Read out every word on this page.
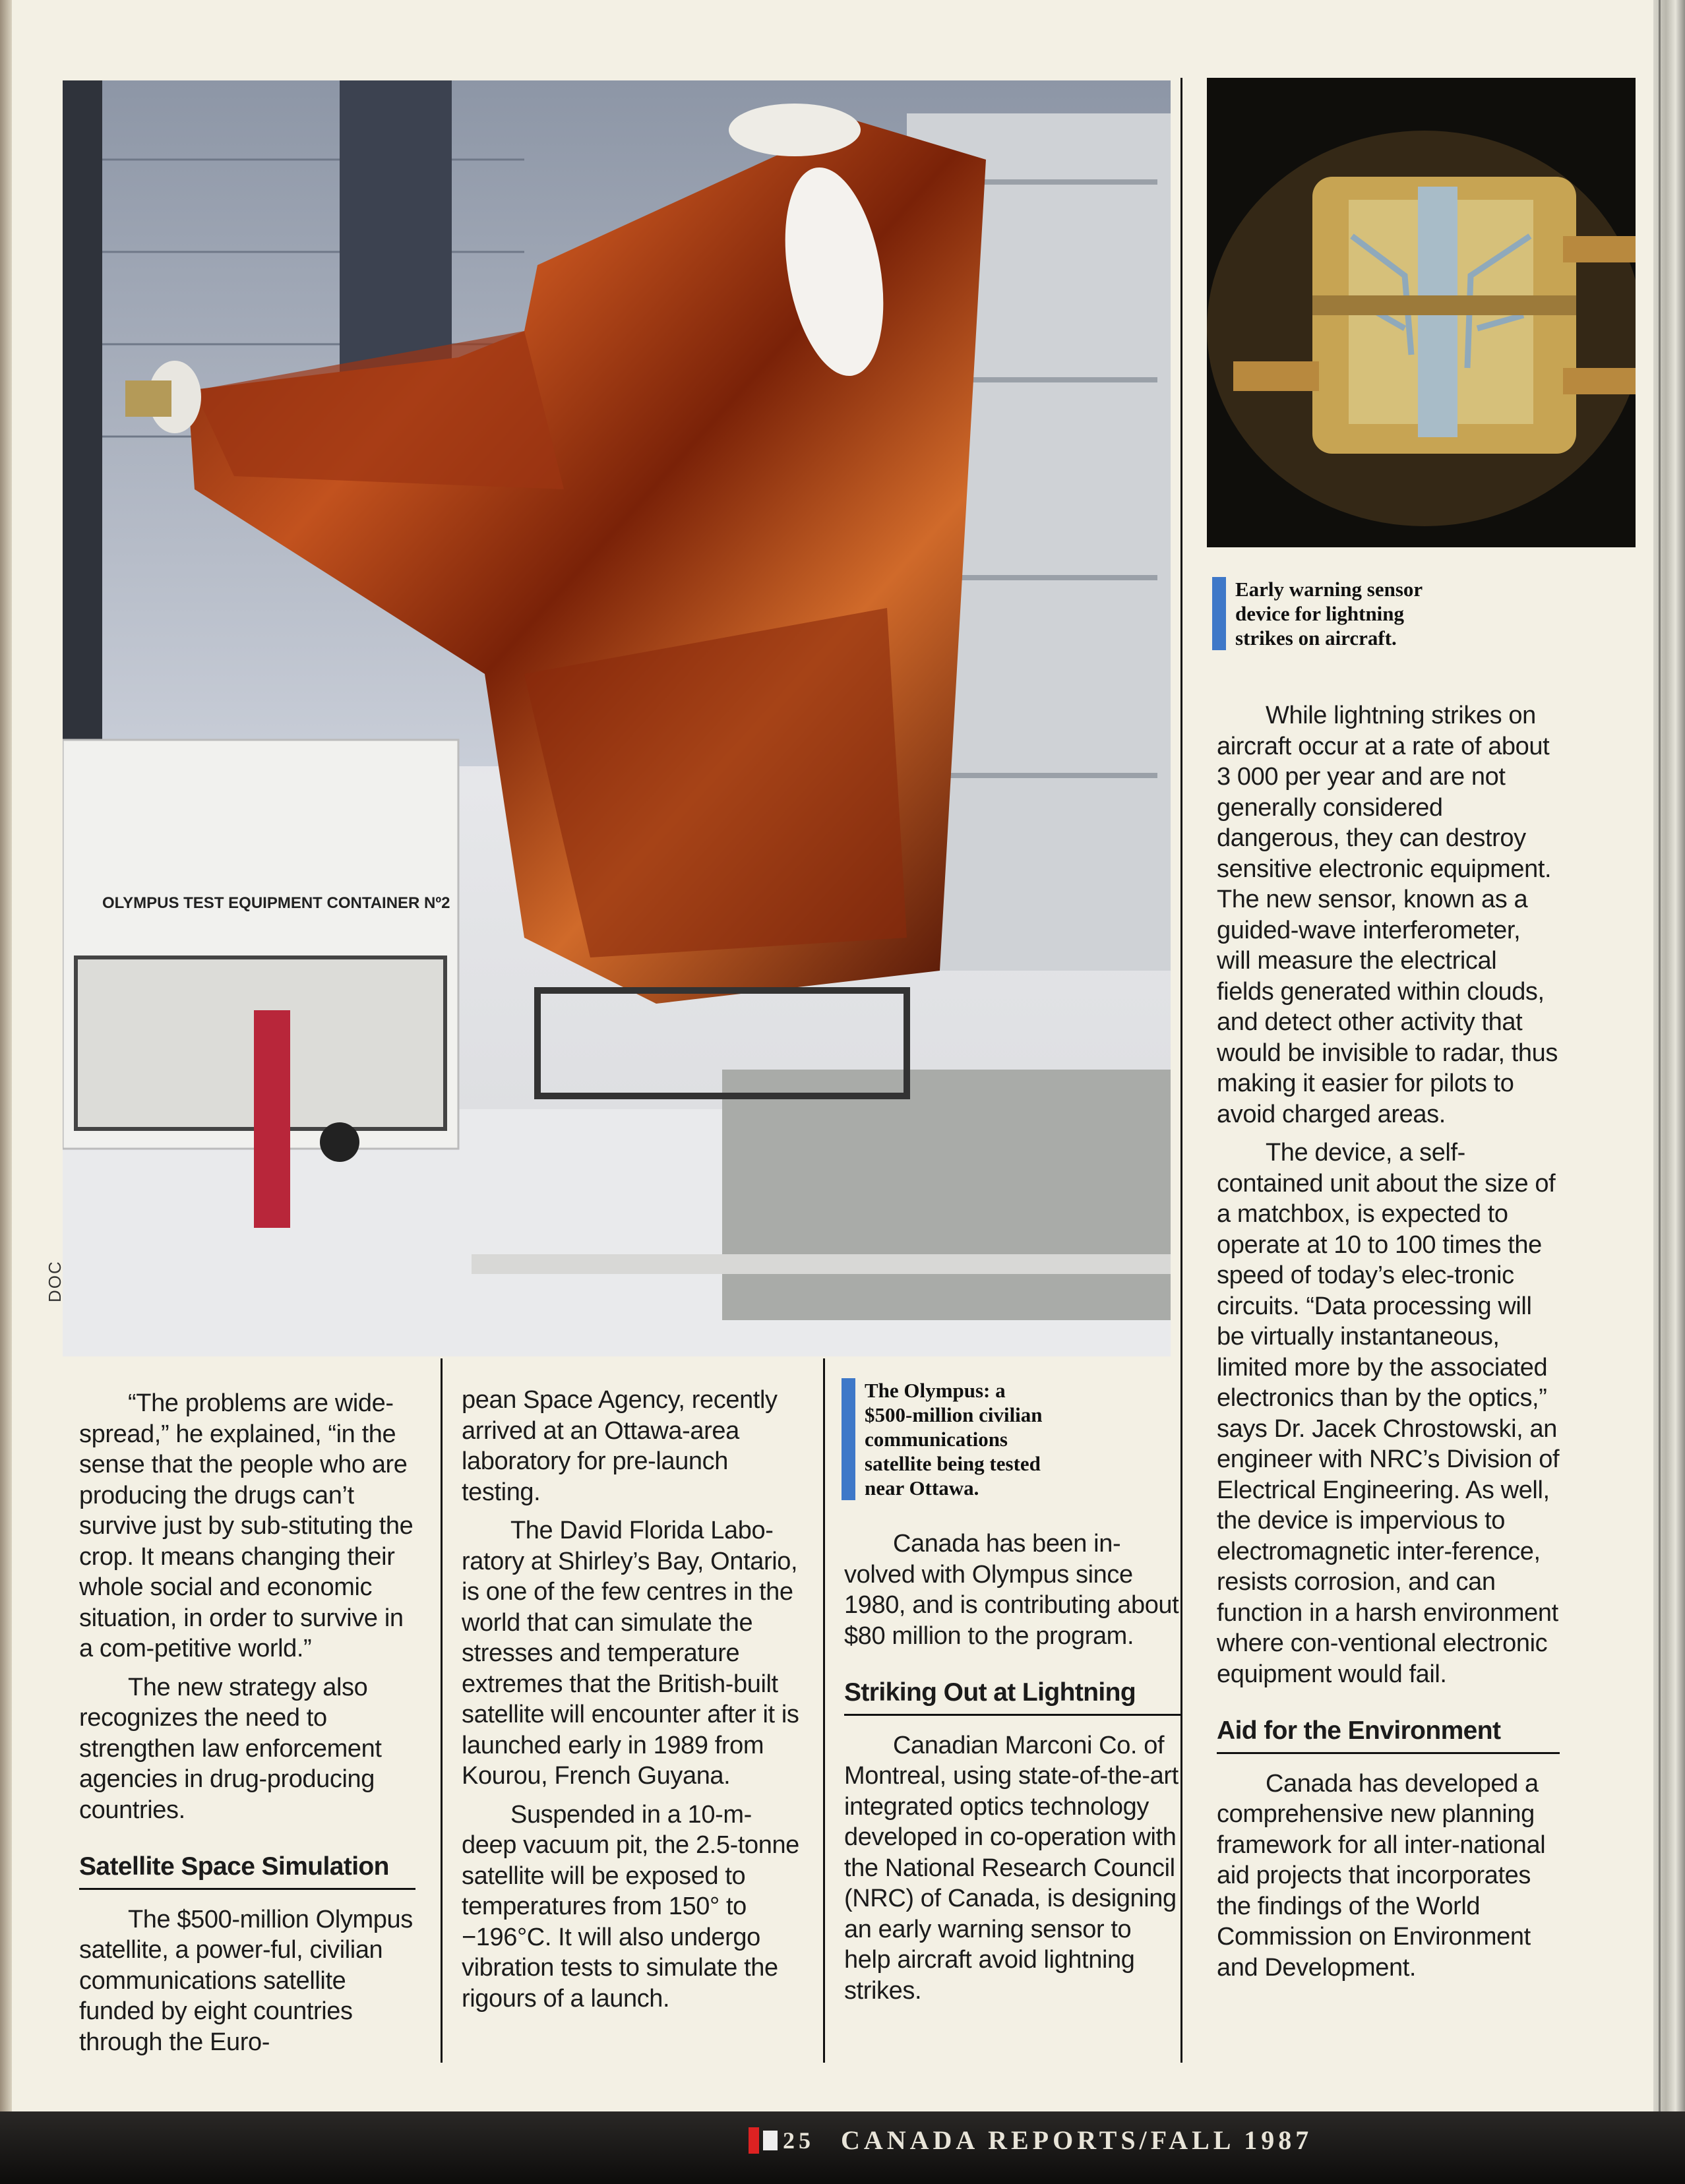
OLYMPUS TEST EQUIPMENT CONTAINER Nº2
DOC
Early warning sensor
device for lightning
strikes on aircraft.
The Olympus: a
$500-million civilian
communications
satellite being tested
near Ottawa.

“The problems are wide-spread,” he explained, “in the sense that the people who are producing the drugs can’t survive just by sub-stituting the crop. It means changing their whole social and economic situation, in order to survive in a com-petitive world.”

The new strategy also recognizes the need to strengthen law enforcement agencies in drug-producing countries.

Satellite Space Simulation

The $500-million Olympus satellite, a power-ful, civilian communications satellite funded by eight countries through the Euro-

pean Space Agency, recently arrived at an Ottawa-area laboratory for pre-launch testing.

The David Florida Labo-ratory at Shirley’s Bay, Ontario, is one of the few centres in the world that can simulate the stresses and temperature extremes that the British-built satellite will encounter after it is launched early in 1989 from Kourou, French Guyana.

Suspended in a 10-m-deep vacuum pit, the 2.5-tonne satellite will be exposed to temperatures from 150° to −196°C. It will also undergo vibration tests to simulate the rigours of a launch.

Canada has been in-volved with Olympus since 1980, and is contributing about $80 million to the program.

Striking Out at Lightning

Canadian Marconi Co. of Montreal, using state-of-the-art integrated optics technology developed in co-operation with the National Research Council (NRC) of Canada, is designing an early warning sensor to help aircraft avoid lightning strikes.

While lightning strikes on aircraft occur at a rate of about 3 000 per year and are not generally considered dangerous, they can destroy sensitive electronic equipment. The new sensor, known as a guided-wave interferometer, will measure the electrical fields generated within clouds, and detect other activity that would be invisible to radar, thus making it easier for pilots to avoid charged areas.

The device, a self-contained unit about the size of a matchbox, is expected to operate at 10 to 100 times the speed of today’s elec-tronic circuits. “Data processing will be virtually instantaneous, limited more by the associated electronics than by the optics,” says Dr. Jacek Chrostowski, an engineer with NRC’s Division of Electrical Engineering. As well, the device is impervious to electromagnetic inter-ference, resists corrosion, and can function in a harsh environment where con-ventional electronic equipment would fail.

Aid for the Environment

Canada has developed a comprehensive new planning framework for all inter-national aid projects that incorporates the findings of the World Commission on Environment and Development.

25 CANADA REPORTS/FALL 1987
